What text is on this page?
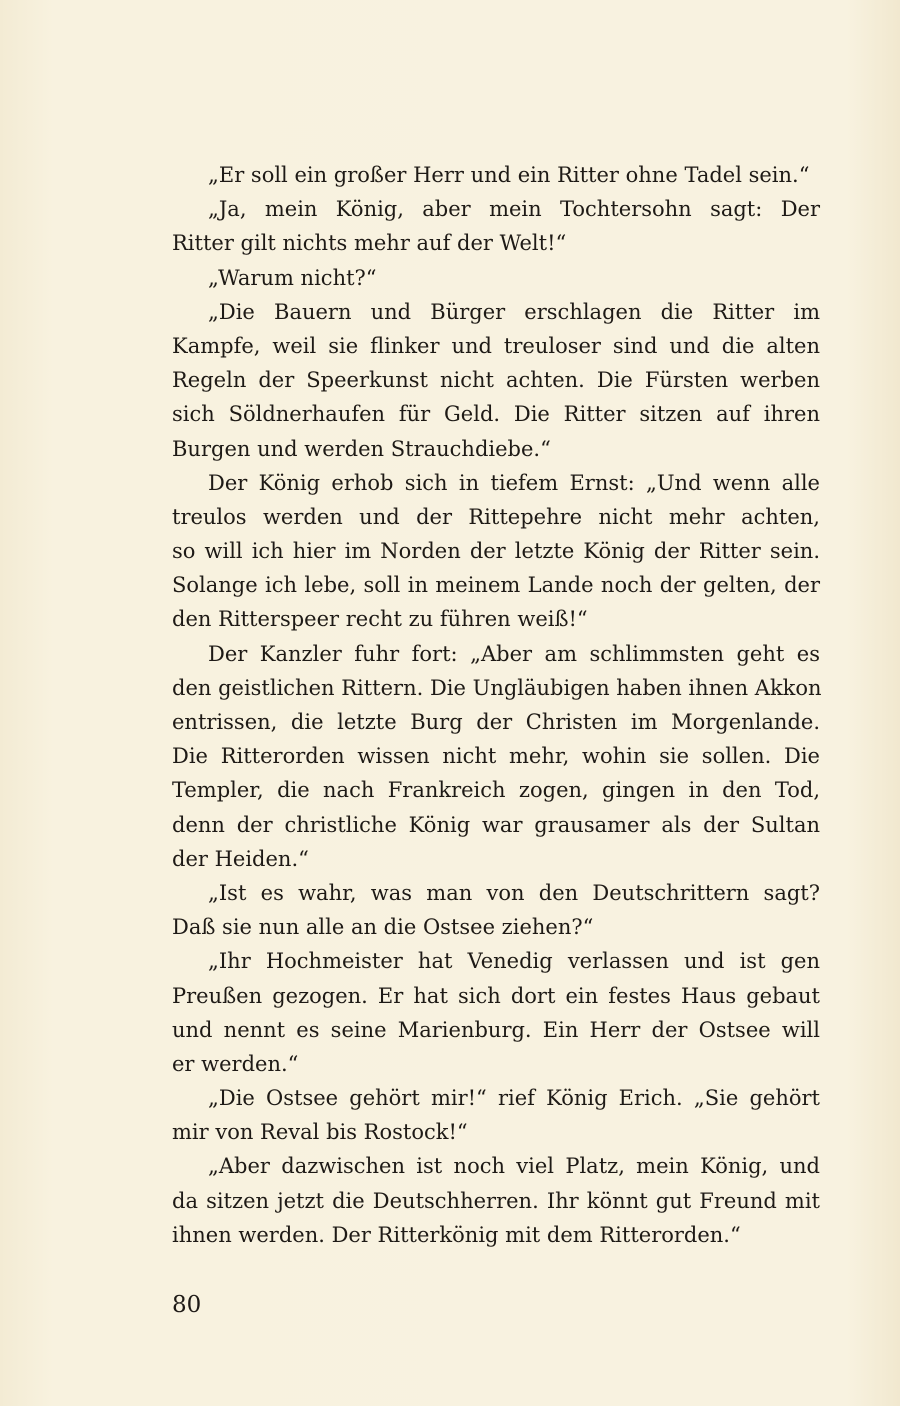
„Er soll ein großer Herr und ein Ritter ohne Tadel sein.“
„Ja, mein König, aber mein Tochtersohn sagt: Der
Ritter gilt nichts mehr auf der Welt!“
„Warum nicht?“
„Die Bauern und Bürger erschlagen die Ritter im
Kampfe, weil sie flinker und treuloser sind und die alten
Regeln der Speerkunst nicht achten. Die Fürsten werben
sich Söldnerhaufen für Geld. Die Ritter sitzen auf ihren
Burgen und werden Strauchdiebe.“
Der König erhob sich in tiefem Ernst: „Und wenn alle
treulos werden und der Rittерehre nicht mehr achten,
so will ich hier im Norden der letzte König der Ritter sein.
Solange ich lebe, soll in meinem Lande noch der gelten, der
den Ritterspeer recht zu führen weiß!“
Der Kanzler fuhr fort: „Aber am schlimmsten geht es
den geistlichen Rittern. Die Ungläubigen haben ihnen Akkon
entrissen, die letzte Burg der Christen im Morgenlande.
Die Ritterorden wissen nicht mehr, wohin sie sollen. Die
Templer, die nach Frankreich zogen, gingen in den Tod,
denn der christliche König war grausamer als der Sultan
der Heiden.“
„Ist es wahr, was man von den Deutschrittern sagt?
Daß sie nun alle an die Ostsee ziehen?“
„Ihr Hochmeister hat Venedig verlassen und ist gen
Preußen gezogen. Er hat sich dort ein festes Haus gebaut
und nennt es seine Marienburg. Ein Herr der Ostsee will
er werden.“
„Die Ostsee gehört mir!“ rief König Erich. „Sie gehört
mir von Reval bis Rostock!“
„Aber dazwischen ist noch viel Platz, mein König, und
da sitzen jetzt die Deutschherren. Ihr könnt gut Freund mit
ihnen werden. Der Ritterkönig mit dem Ritterorden.“
80
